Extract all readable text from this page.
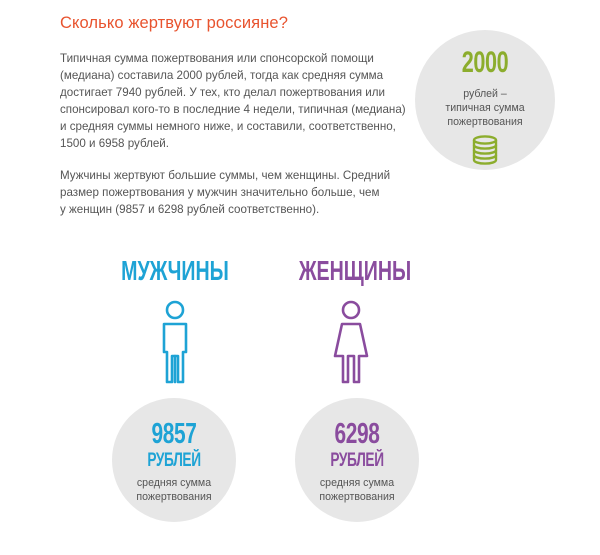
Сколько жертвуют россияне?
Типичная сумма пожертвования или спонсорской помощи
(медиана) составила 2000 рублей, тогда как средняя сумма
достигает 7940 рублей. У тех, кто делал пожертвования или
спонсировал кого-то в последние 4 недели, типичная (медиана)
и средняя суммы немного ниже, и составили, соответственно,
1500 и 6958 рублей.
Мужчины жертвуют большие суммы, чем женщины. Средний
размер пожертвования у мужчин значительно больше, чем
у женщин (9857 и 6298 рублей соответственно).
2000
рублей –
типичная сумма
пожертвования
МУЖЧИНЫ ЖЕНЩИНЫ
9857
РУБЛЕЙ
средняя сумма
пожертвования
6298
РУБЛЕЙ
средняя сумма
пожертвования
